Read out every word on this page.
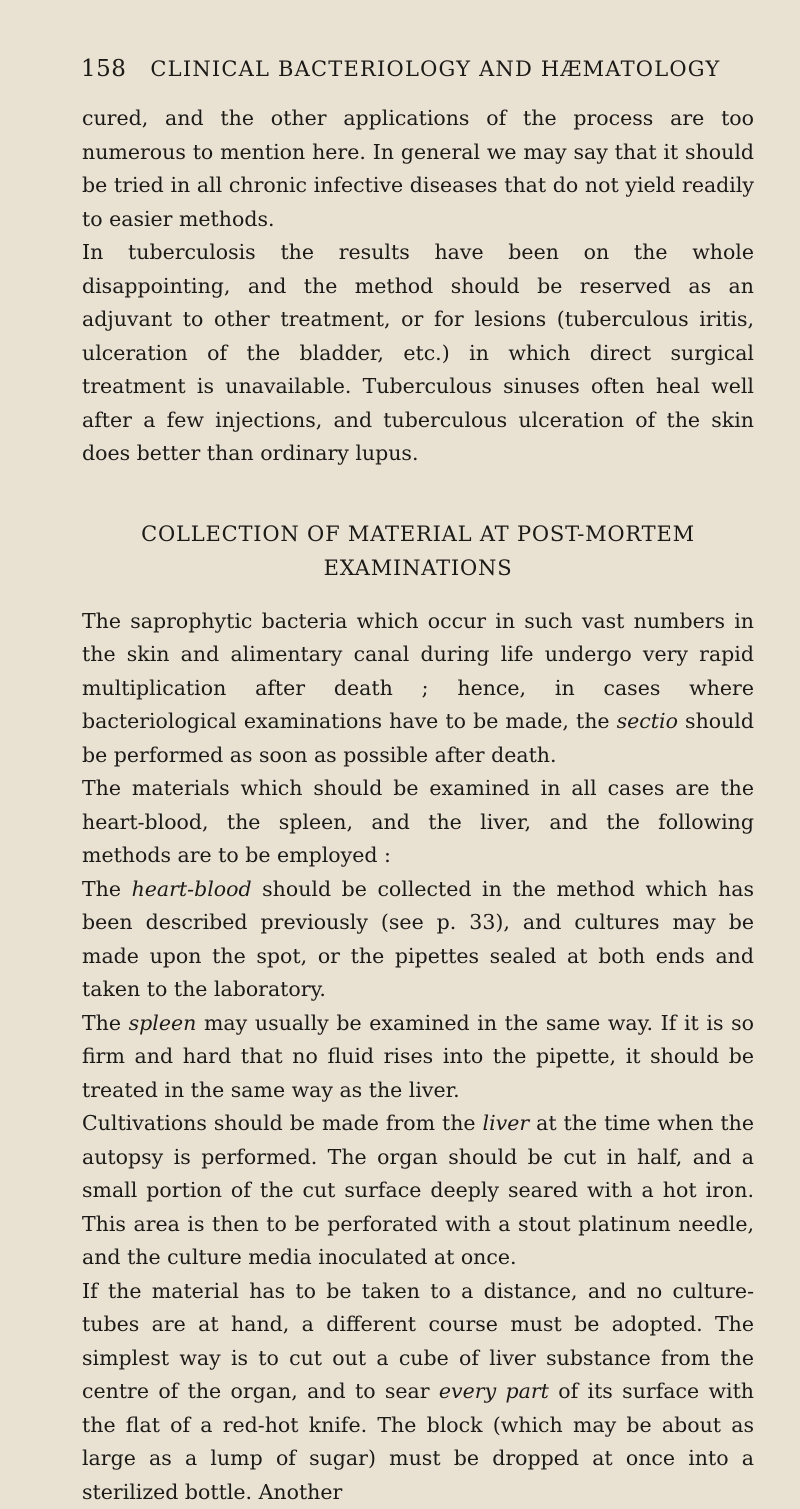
158 CLINICAL BACTERIOLOGY AND HÆMATOLOGY

cured, and the other applications of the process are too numerous to mention here. In general we may say that it should be tried in all chronic infective diseases that do not yield readily to easier methods.

In tuberculosis the results have been on the whole disappointing, and the method should be reserved as an adjuvant to other treatment, or for lesions (tuberculous iritis, ulceration of the bladder, etc.) in which direct surgical treatment is unavailable. Tuberculous sinuses often heal well after a few injections, and tuberculous ulceration of the skin does better than ordinary lupus.

COLLECTION OF MATERIAL AT POST-MORTEM EXAMINATIONS

The saprophytic bacteria which occur in such vast numbers in the skin and alimentary canal during life undergo very rapid multiplication after death ; hence, in cases where bacteriological examinations have to be made, the sectio should be performed as soon as possible after death.

The materials which should be examined in all cases are the heart-blood, the spleen, and the liver, and the following methods are to be employed :

The heart-blood should be collected in the method which has been described previously (see p. 33), and cultures may be made upon the spot, or the pipettes sealed at both ends and taken to the laboratory.

The spleen may usually be examined in the same way. If it is so firm and hard that no fluid rises into the pipette, it should be treated in the same way as the liver.

Cultivations should be made from the liver at the time when the autopsy is performed. The organ should be cut in half, and a small portion of the cut surface deeply seared with a hot iron. This area is then to be perforated with a stout platinum needle, and the culture media inoculated at once.

If the material has to be taken to a distance, and no culture-tubes are at hand, a different course must be adopted. The simplest way is to cut out a cube of liver substance from the centre of the organ, and to sear every part of its surface with the flat of a red-hot knife. The block (which may be about as large as a lump of sugar) must be dropped at once into a sterilized bottle. Another
